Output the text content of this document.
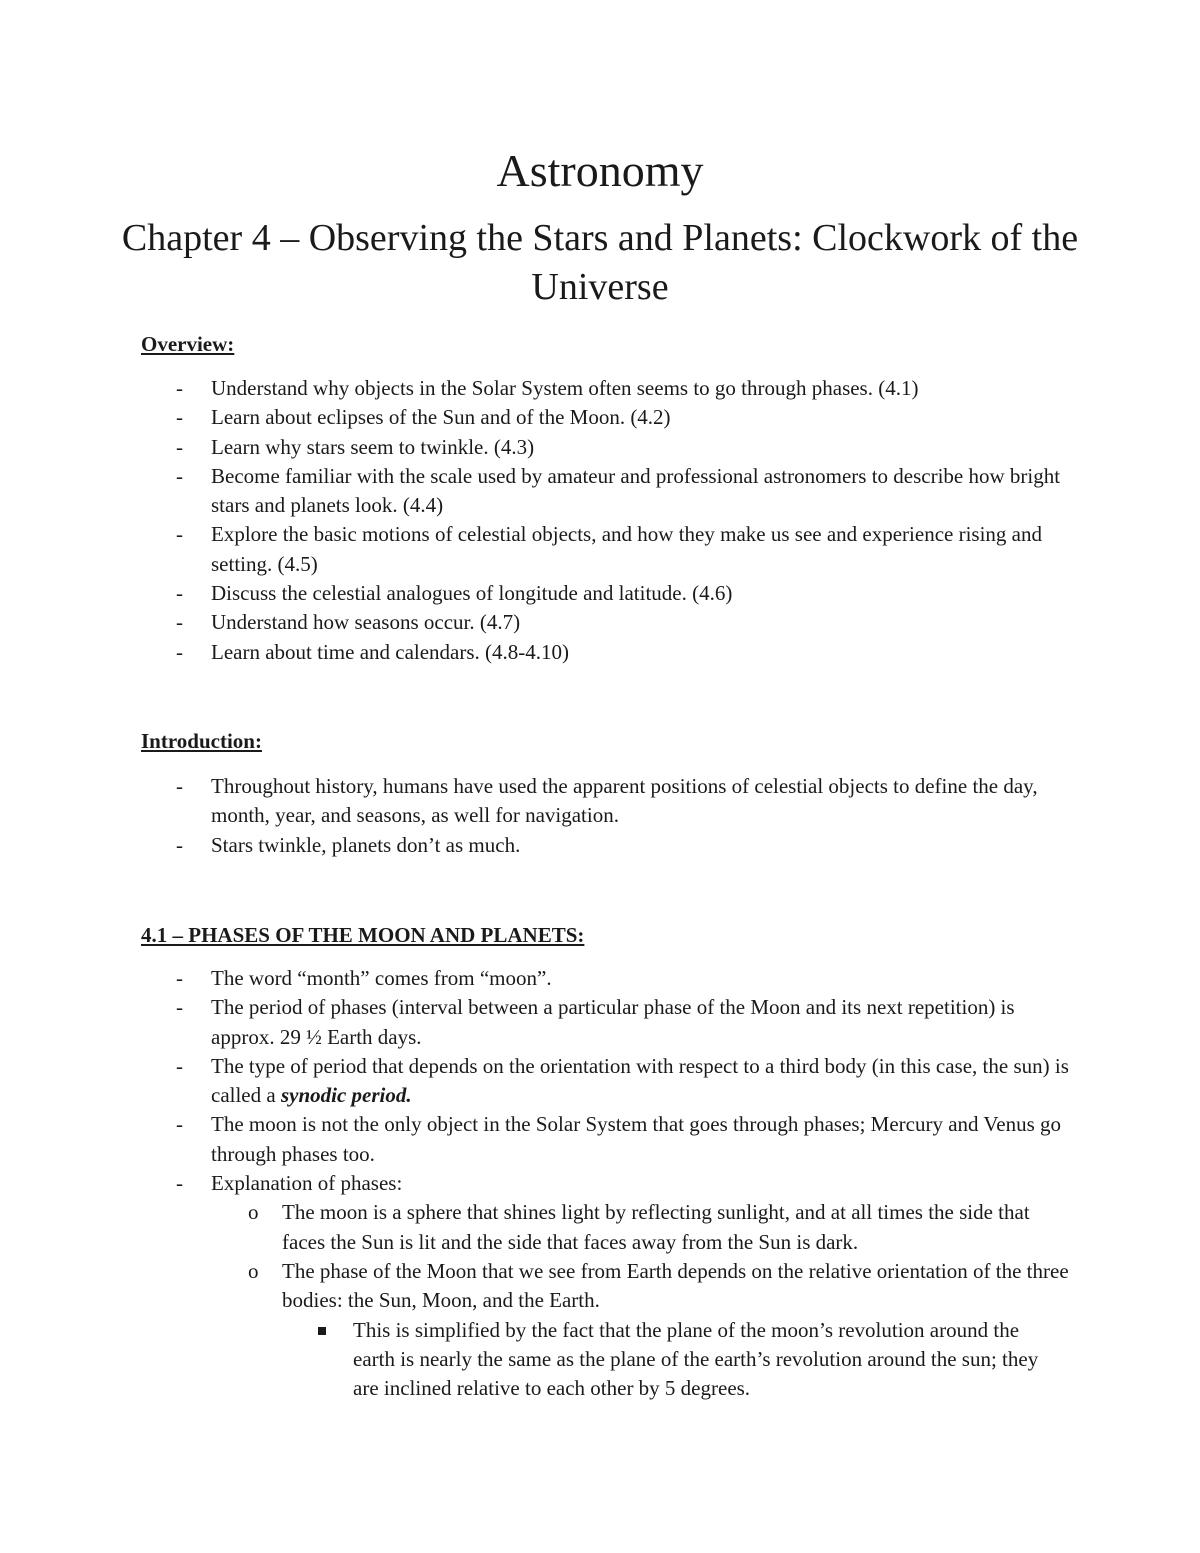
Astronomy
Chapter 4 – Observing the Stars and Planets: Clockwork of the Universe
Overview:
- Understand why objects in the Solar System often seems to go through phases. (4.1)
- Learn about eclipses of the Sun and of the Moon. (4.2)
- Learn why stars seem to twinkle. (4.3)
- Become familiar with the scale used by amateur and professional astronomers to describe how bright stars and planets look. (4.4)
- Explore the basic motions of celestial objects, and how they make us see and experience rising and setting. (4.5)
- Discuss the celestial analogues of longitude and latitude. (4.6)
- Understand how seasons occur. (4.7)
- Learn about time and calendars. (4.8-4.10)
Introduction:
- Throughout history, humans have used the apparent positions of celestial objects to define the day, month, year, and seasons, as well for navigation.
- Stars twinkle, planets don’t as much.
4.1 – PHASES OF THE MOON AND PLANETS:
- The word “month” comes from “moon”.
- The period of phases (interval between a particular phase of the Moon and its next repetition) is approx. 29 ½ Earth days.
- The type of period that depends on the orientation with respect to a third body (in this case, the sun) is called a synodic period.
- The moon is not the only object in the Solar System that goes through phases; Mercury and Venus go through phases too.
- Explanation of phases:
o The moon is a sphere that shines light by reflecting sunlight, and at all times the side that faces the Sun is lit and the side that faces away from the Sun is dark.
o The phase of the Moon that we see from Earth depends on the relative orientation of the three bodies: the Sun, Moon, and the Earth.
This is simplified by the fact that the plane of the moon’s revolution around the earth is nearly the same as the plane of the earth’s revolution around the sun; they are inclined relative to each other by 5 degrees.
